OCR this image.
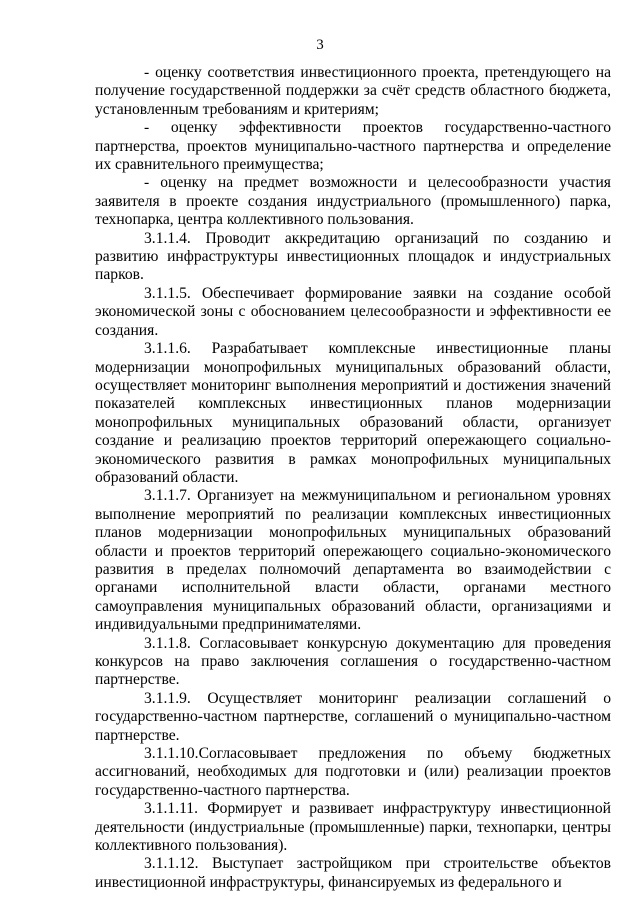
3

- оценку соответствия инвестиционного проекта, претендующего на получение государственной поддержки за счёт средств областного бюджета, установленным требованиям и критериям;

- оценку эффективности проектов государственно-частного партнерства, проектов муниципально-частного партнерства и определение их сравнительного преимущества;

- оценку на предмет возможности и целесообразности участия заявителя в проекте создания индустриального (промышленного) парка, технопарка, центра коллективного пользования.

3.1.1.4. Проводит аккредитацию организаций по созданию и развитию инфраструктуры инвестиционных площадок и индустриальных парков.

3.1.1.5. Обеспечивает формирование заявки на создание особой экономической зоны с обоснованием целесообразности и эффективности ее создания.

3.1.1.6. Разрабатывает комплексные инвестиционные планы модернизации монопрофильных муниципальных образований области, осуществляет мониторинг выполнения мероприятий и достижения значений показателей комплексных инвестиционных планов модернизации монопрофильных муниципальных образований области, организует создание и реализацию проектов территорий опережающего социально-экономического развития в рамках монопрофильных муниципальных образований области.

3.1.1.7. Организует на межмуниципальном и региональном уровнях выполнение мероприятий по реализации комплексных инвестиционных планов модернизации монопрофильных муниципальных образований области и проектов территорий опережающего социально-экономического развития в пределах полномочий департамента во взаимодействии с органами исполнительной власти области, органами местного самоуправления муниципальных образований области, организациями и индивидуальными предпринимателями.

3.1.1.8. Согласовывает конкурсную документацию для проведения конкурсов на право заключения соглашения о государственно-частном партнерстве.

3.1.1.9. Осуществляет мониторинг реализации соглашений о государственно-частном партнерстве, соглашений о муниципально-частном партнерстве.

3.1.1.10.Согласовывает предложения по объему бюджетных ассигнований, необходимых для подготовки и (или) реализации проектов государственно-частного партнерства.

3.1.1.11. Формирует и развивает инфраструктуру инвестиционной деятельности (индустриальные (промышленные) парки, технопарки, центры коллективного пользования).

3.1.1.12. Выступает застройщиком при строительстве объектов инвестиционной инфраструктуры, финансируемых из федерального и
